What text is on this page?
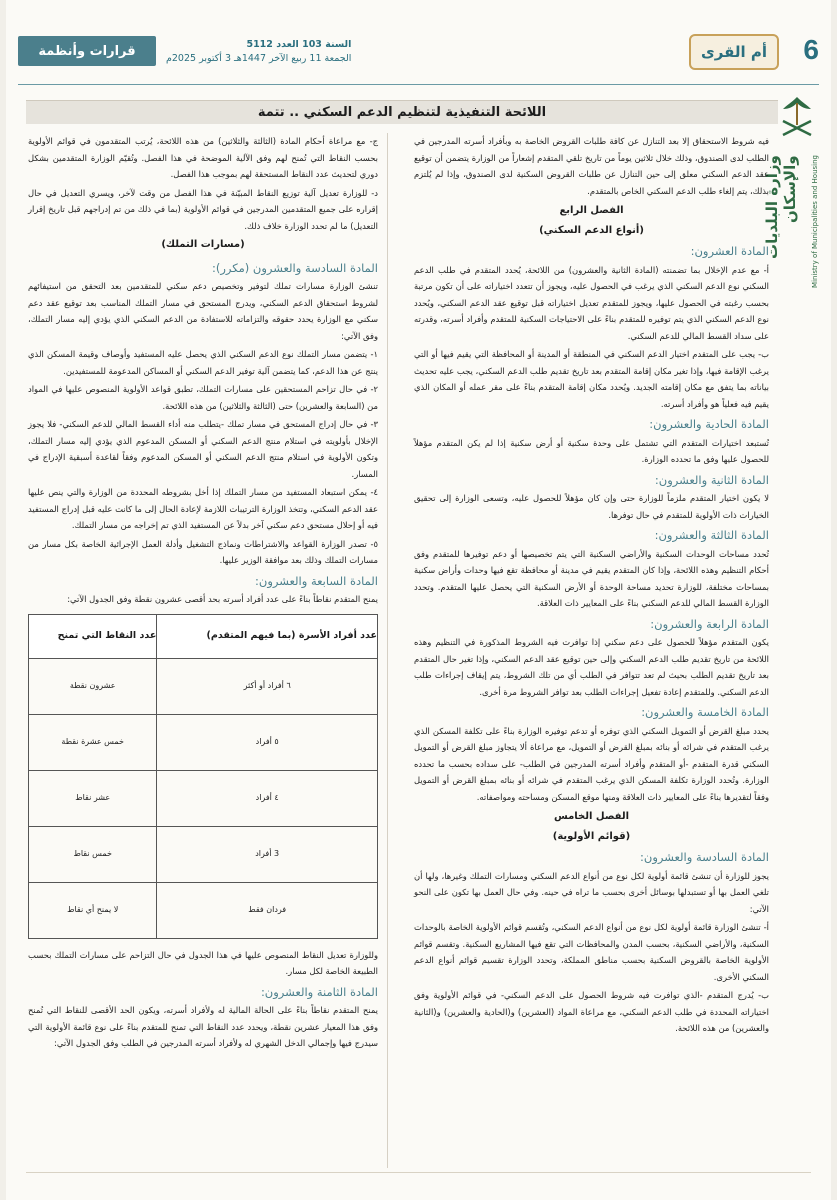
6
أم القرى
قرارات وأنظمة	السنة 103 العدد 5112
الجمعة 11 ربيع الآخر 1447هـ 3 أكتوبر 2025م
وزارة البلديات والإسكان Ministry of Municipalities and Housing
اللائحة التنفيذية لتنظيم الدعم السكني .. تتمة

فيه شروط الاستحقاق إلا بعد التنازل عن كافة طلبات القروض الخاصة به وبأفراد أسرته المدرجين في الطلب لدى الصندوق، وذلك خلال ثلاثين يوماً من تاريخ تلقي المتقدم إشعاراً من الوزارة يتضمن أن توقيع عقد الدعم السكني معلق إلى حين التنازل عن طلبات القروض السكنية لدى الصندوق، وإذا لم يُلتزم بذلك، يتم إلغاء طلب الدعم السكني الخاص بالمتقدم.

الفصل الرابع
(أنواع الدعم السكني)
المادة العشرون:

أ- مع عدم الإخلال بما تضمنته (المادة الثانية والعشرون) من اللائحة، يُحدد المتقدم في طلب الدعم السكني نوع الدعم السكني الذي يرغب في الحصول عليه، ويجوز أن تتعدد اختياراته على أن تكون مرتبة بحسب رغبته في الحصول عليها، ويجوز للمتقدم تعديل اختياراته قبل توقيع عقد الدعم السكني، ويُحدد نوع الدعم السكني الذي يتم توفيره للمتقدم بناءً على الاحتياجات السكنية للمتقدم وأفراد أسرته، وقدرته على سداد القسط المالي للدعم السكني.

ب- يجب على المتقدم اختيار الدعم السكني في المنطقة أو المدينة أو المحافظة التي يقيم فيها أو التي يرغب الإقامة فيها، وإذا تغير مكان إقامة المتقدم بعد تاريخ تقديم طلب الدعم السكني، يجب عليه تحديث بياناته بما يتفق مع مكان إقامته الجديد. ويُحدد مكان إقامة المتقدم بناءً على مقر عمله أو المكان الذي يقيم فيه فعلياً هو وأفراد أسرته.

المادة الحادية والعشرون:

تُستبعد اختيارات المتقدم التي تشتمل على وحدة سكنية أو أرض سكنية إذا لم يكن المتقدم مؤهلاً للحصول عليها وفق ما تحدده الوزارة.

المادة الثانية والعشرون:

لا يكون اختيار المتقدم ملزماً للوزارة حتى وإن كان مؤهلاً للحصول عليه، وتسعى الوزارة إلى تحقيق الخيارات ذات الأولوية للمتقدم في حال توفرها.

المادة الثالثة والعشرون:

تُحدد مساحات الوحدات السكنية والأراضي السكنية التي يتم تخصيصها أو دعم توفيرها للمتقدم وفق أحكام التنظيم وهذه اللائحة، وإذا كان المتقدم يقيم في مدينة أو محافظة تقع فيها وحدات وأراض سكنية بمساحات مختلفة، للوزارة تحديد مساحة الوحدة أو الأرض السكنية التي يحصل عليها المتقدم. وتحدد الوزارة القسط المالي للدعم السكني بناءً على المعايير ذات العلاقة.

المادة الرابعة والعشرون:

يكون المتقدم مؤهلاً للحصول على دعم سكني إذا توافرت فيه الشروط المذكورة في التنظيم وهذه اللائحة من تاريخ تقديم طلب الدعم السكني وإلى حين توقيع عقد الدعم السكني، وإذا تغير حال المتقدم بعد تاريخ تقديم الطلب بحيث لم تعد تتوافر في الطلب أي من تلك الشروط، يتم إيقاف إجراءات طلب الدعم السكني. وللمتقدم إعادة تفعيل إجراءات الطلب بعد توافر الشروط مرة أخرى.

المادة الخامسة والعشرون:

يحدد مبلغ القرض أو التمويل السكني الذي توفره أو تدعم توفيره الوزارة بناءً على تكلفة المسكن الذي يرغب المتقدم في شرائه أو بنائه بمبلغ القرض أو التمويل، مع مراعاة ألا يتجاوز مبلغ القرض أو التمويل السكني قدرة المتقدم -أو المتقدم وأفراد أسرته المدرجين في الطلب- على سداده بحسب ما تحدده الوزارة. وتُحدد الوزارة تكلفة المسكن الذي يرغب المتقدم في شرائه أو بنائه بمبلغ القرض أو التمويل وفقاً لتقديرها بناءً على المعايير ذات العلاقة ومنها موقع المسكن ومساحته ومواصفاته.

الفصل الخامس
(قوائم الأولوية)
المادة السادسة والعشرون:

يجوز للوزارة أن تنشئ قائمة أولوية لكل نوع من أنواع الدعم السكني ومسارات التملك وغيرها، ولها أن تلغي العمل بها أو تستبدلها بوسائل أخرى بحسب ما تراه في حينه. وفي حال العمل بها تكون على النحو الآتي:

أ- تنشئ الوزارة قائمة أولوية لكل نوع من أنواع الدعم السكني، وتُقسم قوائم الأولوية الخاصة بالوحدات السكنية، والأراضي السكنية، بحسب المدن والمحافظات التي تقع فيها المشاريع السكنية. وتقسم قوائم الأولوية الخاصة بالقروض السكنية بحسب مناطق المملكة، وتحدد الوزارة تقسيم قوائم أنواع الدعم السكني الأخرى.

ب- يُدرج المتقدم -الذي توافرت فيه شروط الحصول على الدعم السكني- في قوائم الأولوية وفق اختياراته المحددة في طلب الدعم السكني، مع مراعاة المواد (العشرين) و(الحادية والعشرين) و(الثانية والعشرين) من هذه اللائحة.

ج- مع مراعاة أحكام المادة (الثالثة والثلاثين) من هذه اللائحة، يُرتب المتقدمون في قوائم الأولوية بحسب النقاط التي تُمنح لهم وفق الآلية الموضحة في هذا الفصل. وتُقيّم الوزارة المتقدمين بشكل دوري لتحديث عدد النقاط المستحقة لهم بموجب هذا الفصل.

د- للوزارة تعديل آلية توزيع النقاط المبيّنة في هذا الفصل من وقت لآخر، ويسري التعديل في حال إقراره على جميع المتقدمين المدرجين في قوائم الأولوية (بما في ذلك من تم إدراجهم قبل تاريخ إقرار التعديل) ما لم تحدد الوزارة خلاف ذلك.

(مسارات التملك)
المادة السادسة والعشرون (مكرر):

تنشئ الوزارة مسارات تملك لتوفير وتخصيص دعم سكني للمتقدمين بعد التحقق من استيفائهم لشروط استحقاق الدعم السكني، ويدرج المستحق في مسار التملك المناسب بعد توقيع عقد دعم سكني مع الوزارة يحدد حقوقه والتزاماته للاستفادة من الدعم السكني الذي يؤدي إليه مسار التملك، وفق الآتي:

١- يتضمن مسار التملك نوع الدعم السكني الذي يحصل عليه المستفيد وأوصاف وقيمة المسكن الذي ينتج عن هذا الدعم، كما يتضمن آلية توفير الدعم السكني أو المساكن المدعومة للمستفيدين.

٢- في حال تزاحم المستحقين على مسارات التملك، تطبق قواعد الأولوية المنصوص عليها في المواد من (السابعة والعشرين) حتى (الثالثة والثلاثين) من هذه اللائحة.

٣- في حال إدراج المستحق في مسار تملك -يتطلب منه أداء القسط المالي للدعم السكني- فلا يجوز الإخلال بأولويته في استلام منتج الدعم السكني أو المسكن المدعوم الذي يؤدي إليه مسار التملك، وتكون الأولوية في استلام منتج الدعم السكني أو المسكن المدعوم وفقاً لقاعدة أسبقية الإدراج في المسار.

٤- يمكن استبعاد المستفيد من مسار التملك إذا أخل بشروطه المحددة من الوزارة والتي ينص عليها عقد الدعم السكني، وتتخذ الوزارة الترتيبات اللازمة لإعادة الحال إلى ما كانت عليه قبل إدراج المستفيد فيه أو إحلال مستحق دعم سكني آخر بدلاً عن المستفيد الذي تم إخراجه من مسار التملك.

٥- تصدر الوزارة القواعد والاشتراطات ونماذج التشغيل وأدلة العمل الإجرائية الخاصة بكل مسار من مسارات التملك وذلك بعد موافقة الوزير عليها.

المادة السابعة والعشرون:

يمنح المتقدم نقاطاً بناءً على عدد أفراد أسرته بحد أقصى عشرون نقطة وفق الجدول الآتي:

عدد أفراد الأسرة (بما فيهم المتقدم)	عدد النقاط التي تمنح
٦ أفراد أو أكثر	عشرون نقطة
٥ أفراد	خمس عشرة نقطة
٤ أفراد	عشر نقاط
3 أفراد	خمس نقاط
فردان فقط	لا يمنح أي نقاط

وللوزارة تعديل النقاط المنصوص عليها في هذا الجدول في حال التزاحم على مسارات التملك بحسب الطبيعة الخاصة لكل مسار.

المادة الثامنة والعشرون:

يمنح المتقدم نقاطاً بناءً على الحالة المالية له ولأفراد أسرته، ويكون الحد الأقصى للنقاط التي تُمنح وفق هذا المعيار عشرين نقطة، ويحدد عدد النقاط التي تمنح للمتقدم بناءً على نوع قائمة الأولوية التي سيدرج فيها وإجمالي الدخل الشهري له ولأفراد أسرته المدرجين في الطلب وفق الجدول الآتي:
